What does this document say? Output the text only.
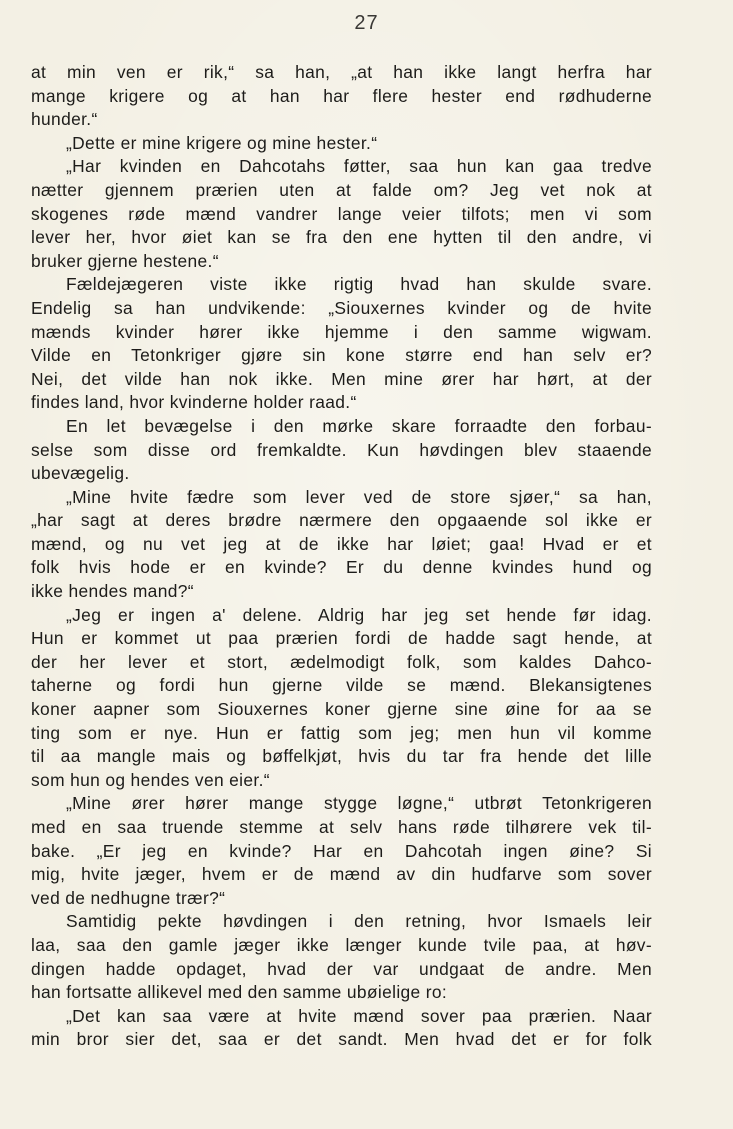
27
at min ven er rik,“ sa han, „at han ikke langt herfra har
mange krigere og at han har flere hester end rødhuderne
hunder.“
„Dette er mine krigere og mine hester.“
„Har kvinden en Dahcotahs føtter, saa hun kan gaa tredve
nætter gjennem prærien uten at falde om? Jeg vet nok at
skogenes røde mænd vandrer lange veier tilfots; men vi som
lever her, hvor øiet kan se fra den ene hytten til den andre, vi
bruker gjerne hestene.“
Fældejægeren viste ikke rigtig hvad han skulde svare.
Endelig sa han undvikende: „Siouxernes kvinder og de hvite
mænds kvinder hører ikke hjemme i den samme wigwam.
Vilde en Tetonkriger gjøre sin kone større end han selv er?
Nei, det vilde han nok ikke. Men mine ører har hørt, at der
findes land, hvor kvinderne holder raad.“
En let bevægelse i den mørke skare forraadte den forbau-
selse som disse ord fremkaldte. Kun høvdingen blev staaende
ubevægelig.
„Mine hvite fædre som lever ved de store sjøer,“ sa han,
„har sagt at deres brødre nærmere den opgaaende sol ikke er
mænd, og nu vet jeg at de ikke har løiet; gaa! Hvad er et
folk hvis hode er en kvinde? Er du denne kvindes hund og
ikke hendes mand?“
„Jeg er ingen a' delene. Aldrig har jeg set hende før idag.
Hun er kommet ut paa prærien fordi de hadde sagt hende, at
der her lever et stort, ædelmodigt folk, som kaldes Dahco-
taherne og fordi hun gjerne vilde se mænd. Blekansigtenes
koner aapner som Siouxernes koner gjerne sine øine for aa se
ting som er nye. Hun er fattig som jeg; men hun vil komme
til aa mangle mais og bøffelkjøt, hvis du tar fra hende det lille
som hun og hendes ven eier.“
„Mine ører hører mange stygge løgne,“ utbrøt Tetonkrigeren
med en saa truende stemme at selv hans røde tilhørere vek til-
bake. „Er jeg en kvinde? Har en Dahcotah ingen øine? Si
mig, hvite jæger, hvem er de mænd av din hudfarve som sover
ved de nedhugne trær?“
Samtidig pekte høvdingen i den retning, hvor Ismaels leir
laa, saa den gamle jæger ikke længer kunde tvile paa, at høv-
dingen hadde opdaget, hvad der var undgaat de andre. Men
han fortsatte allikevel med den samme ubøielige ro:
„Det kan saa være at hvite mænd sover paa prærien. Naar
min bror sier det, saa er det sandt. Men hvad det er for folk
